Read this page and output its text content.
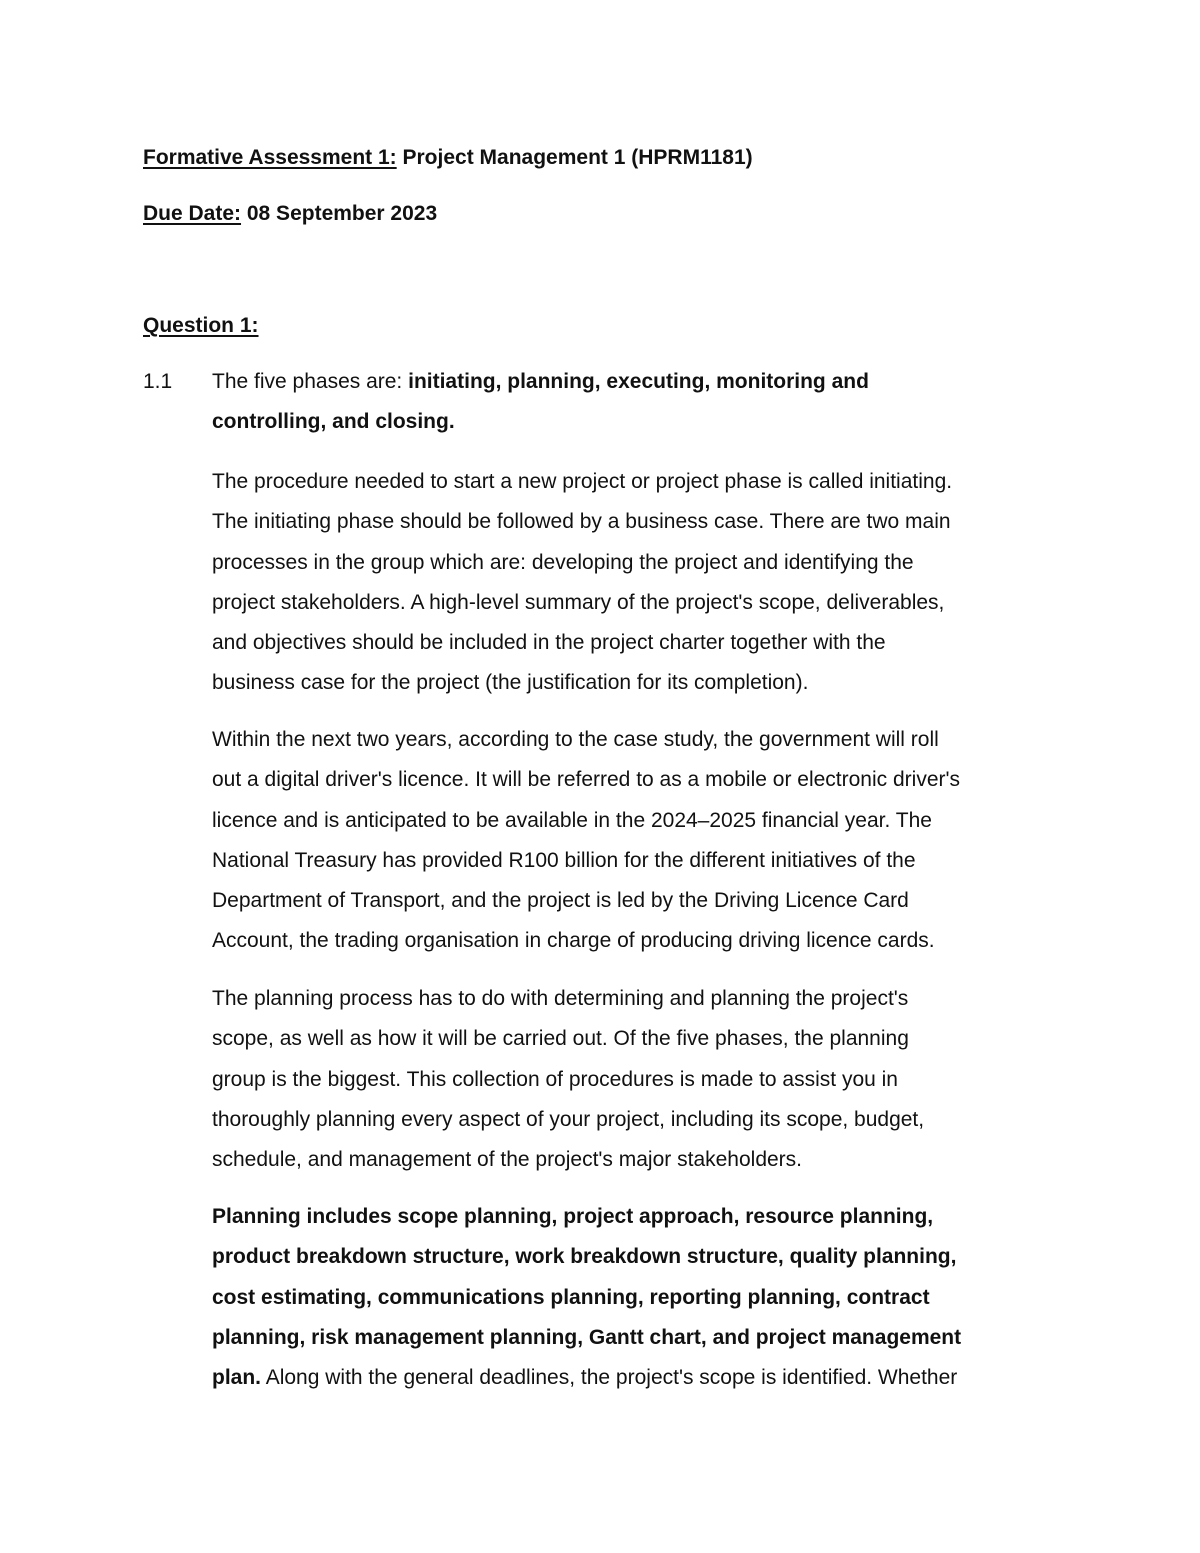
Formative Assessment 1: Project Management 1 (HPRM1181)
Due Date: 08 September 2023
Question 1:
1.1 The five phases are: initiating, planning, executing, monitoring and
controlling, and closing.
The procedure needed to start a new project or project phase is called initiating.
The initiating phase should be followed by a business case. There are two main
processes in the group which are: developing the project and identifying the
project stakeholders. A high-level summary of the project's scope, deliverables,
and objectives should be included in the project charter together with the
business case for the project (the justification for its completion).
Within the next two years, according to the case study, the government will roll
out a digital driver's licence. It will be referred to as a mobile or electronic driver's
licence and is anticipated to be available in the 2024–2025 financial year. The
National Treasury has provided R100 billion for the different initiatives of the
Department of Transport, and the project is led by the Driving Licence Card
Account, the trading organisation in charge of producing driving licence cards.
The planning process has to do with determining and planning the project's
scope, as well as how it will be carried out. Of the five phases, the planning
group is the biggest. This collection of procedures is made to assist you in
thoroughly planning every aspect of your project, including its scope, budget,
schedule, and management of the project's major stakeholders.
Planning includes scope planning, project approach, resource planning,
product breakdown structure, work breakdown structure, quality planning,
cost estimating, communications planning, reporting planning, contract
planning, risk management planning, Gantt chart, and project management
plan. Along with the general deadlines, the project's scope is identified. Whether
